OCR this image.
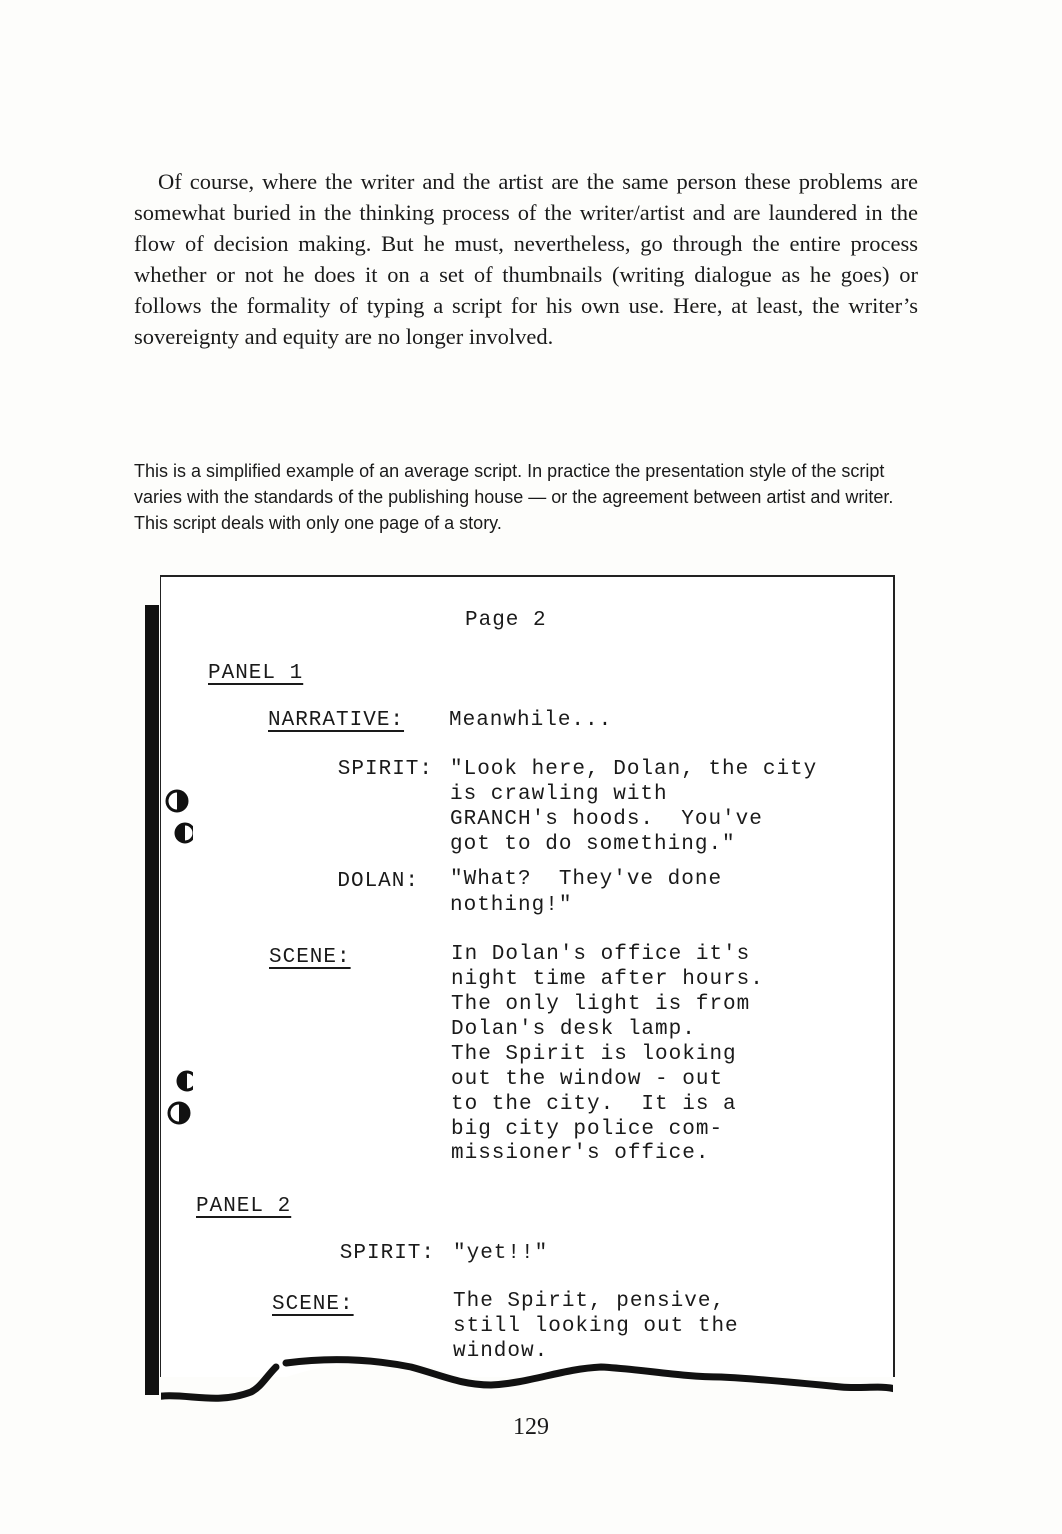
Of course, where the writer and the artist are the same person these problems are somewhat buried in the thinking process of the writer/artist and are laundered in the flow of decision making. But he must, nevertheless, go through the entire process whether or not he does it on a set of thumbnails (writing dialogue as he goes) or follows the formality of typing a script for his own use. Here, at least, the writer’s sovereignty and equity are no longer involved.

This is a simplified example of an average script. In practice the presentation style of the script varies with the standards of the publishing house — or the agreement between artist and writer. This script deals with only one page of a story.

Page 2
PANEL 1
NARRATIVE: Meanwhile...
SPIRIT: "Look here, Dolan, the city
is crawling with
GRANCH's hoods.  You've
got to do something."
DOLAN: "What?  They've done
nothing!"
SCENE:	In Dolan's office it's
night time after hours.
The only light is from
Dolan's desk lamp.
The Spirit is looking
out the window - out
to the city.  It is a
big city police com-
missioner's office.
PANEL 2
SPIRIT: "yet!!"
SCENE:	The Spirit, pensive,
still looking out the
window.
129
